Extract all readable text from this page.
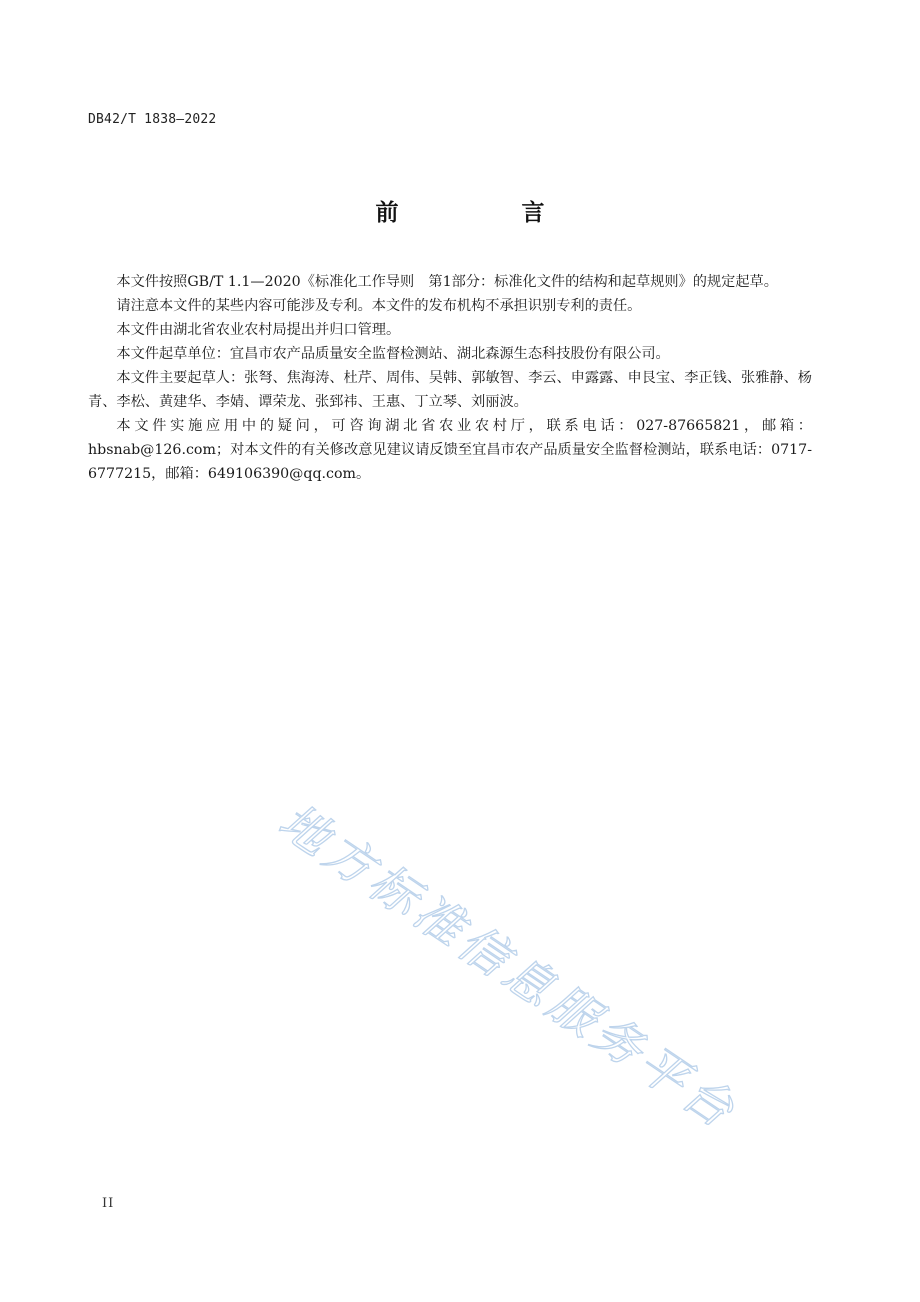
DB42/T 1838—2022
前　言

本文件按照GB/T 1.1—2020《标准化工作导则　第1部分：标准化文件的结构和起草规则》的规定起草。

请注意本文件的某些内容可能涉及专利。本文件的发布机构不承担识别专利的责任。

本文件由湖北省农业农村局提出并归口管理。

本文件起草单位：宜昌市农产品质量安全监督检测站、湖北森源生态科技股份有限公司。

本文件主要起草人：张弩、焦海涛、杜芹、周伟、吴韩、郭敏智、李云、申露露、申艮宝、李正钱、张雅静、杨青、李松、黄建华、李婧、谭荣龙、张郅祎、王惠、丁立琴、刘丽波。

本文件实施应用中的疑问，可咨询湖北省农业农村厅，联系电话：027-87665821，邮箱：hbsnab@126.com；对本文件的有关修改意见建议请反馈至宜昌市农产品质量安全监督检测站，联系电话：0717-6777215，邮箱：649106390@qq.com。

地方标准信息服务平台
II
